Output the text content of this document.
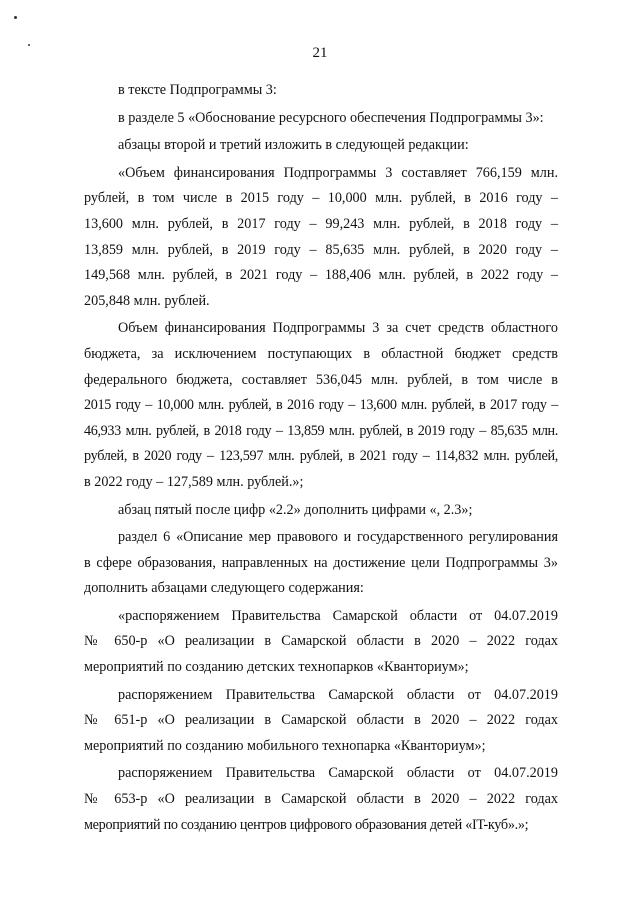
21
в тексте Подпрограммы 3:
в разделе 5 «Обоснование ресурсного обеспечения Подпрограммы 3»:
абзацы второй и третий изложить в следующей редакции:
«Объем финансирования Подпрограммы 3 составляет 766,159 млн.
рублей, в том числе в 2015 году – 10,000 млн. рублей, в 2016 году –
13,600 млн. рублей, в 2017 году – 99,243 млн. рублей, в 2018 году –
13,859 млн. рублей, в 2019 году – 85,635 млн. рублей, в 2020 году –
149,568 млн. рублей, в 2021 году – 188,406 млн. рублей, в 2022 году –
205,848 млн. рублей.
Объем финансирования Подпрограммы 3 за счет средств областного
бюджета, за исключением поступающих в областной бюджет средств
федерального бюджета, составляет 536,045 млн. рублей, в том числе в
2015 году – 10,000 млн. рублей, в 2016 году – 13,600 млн. рублей, в 2017 году –
46,933 млн. рублей, в 2018 году – 13,859 млн. рублей, в 2019 году – 85,635 млн.
рублей, в 2020 году – 123,597 млн. рублей, в 2021 году – 114,832 млн. рублей,
в 2022 году – 127,589 млн. рублей.»;
абзац пятый после цифр «2.2» дополнить цифрами «, 2.3»;
раздел 6 «Описание мер правового и государственного регулирования
в сфере образования, направленных на достижение цели Подпрограммы 3»
дополнить абзацами следующего содержания:
«распоряжением Правительства Самарской области от 04.07.2019
№ 650-р «О реализации в Самарской области в 2020 – 2022 годах
мероприятий по созданию детских технопарков «Кванториум»;
распоряжением Правительства Самарской области от 04.07.2019
№ 651-р «О реализации в Самарской области в 2020 – 2022 годах
мероприятий по созданию мобильного технопарка «Кванториум»;
распоряжением Правительства Самарской области от 04.07.2019
№ 653-р «О реализации в Самарской области в 2020 – 2022 годах
мероприятий по созданию центров цифрового образования детей «IT-куб».»;
